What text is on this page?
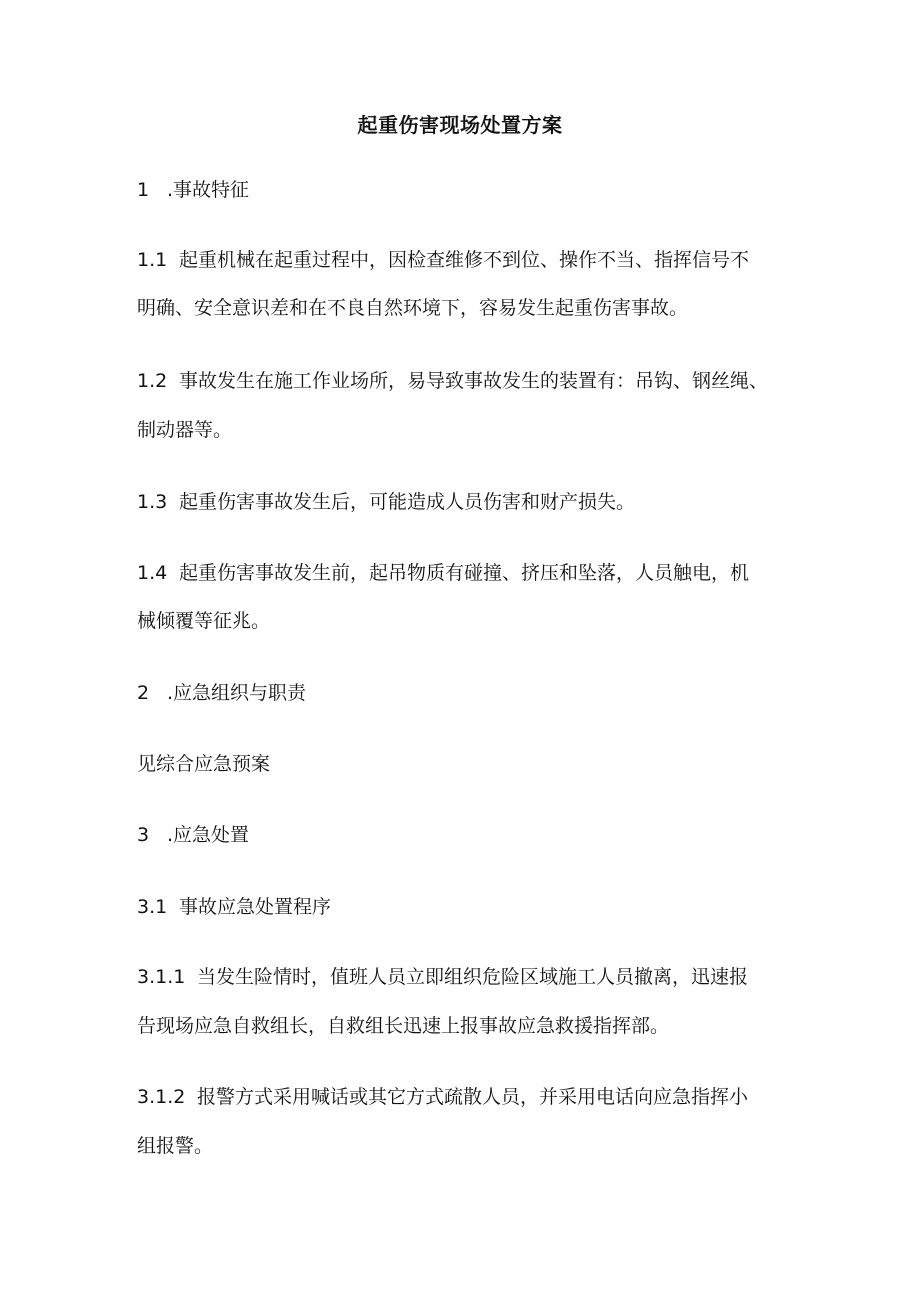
起重伤害现场处置方案
1 .事故特征
1.1 起重机械在起重过程中，因检查维修不到位、操作不当、指挥信号不
明确、安全意识差和在不良自然环境下，容易发生起重伤害事故。
1.2 事故发生在施工作业场所，易导致事故发生的装置有：吊钩、钢丝绳、
制动器等。
1.3 起重伤害事故发生后，可能造成人员伤害和财产损失。
1.4 起重伤害事故发生前，起吊物质有碰撞、挤压和坠落，人员触电，机
械倾覆等征兆。
2 .应急组织与职责
见综合应急预案
3 .应急处置
3.1 事故应急处置程序
3.1.1 当发生险情时，值班人员立即组织危险区域施工人员撤离，迅速报
告现场应急自救组长，自救组长迅速上报事故应急救援指挥部。
3.1.2 报警方式采用喊话或其它方式疏散人员，并采用电话向应急指挥小
组报警。
